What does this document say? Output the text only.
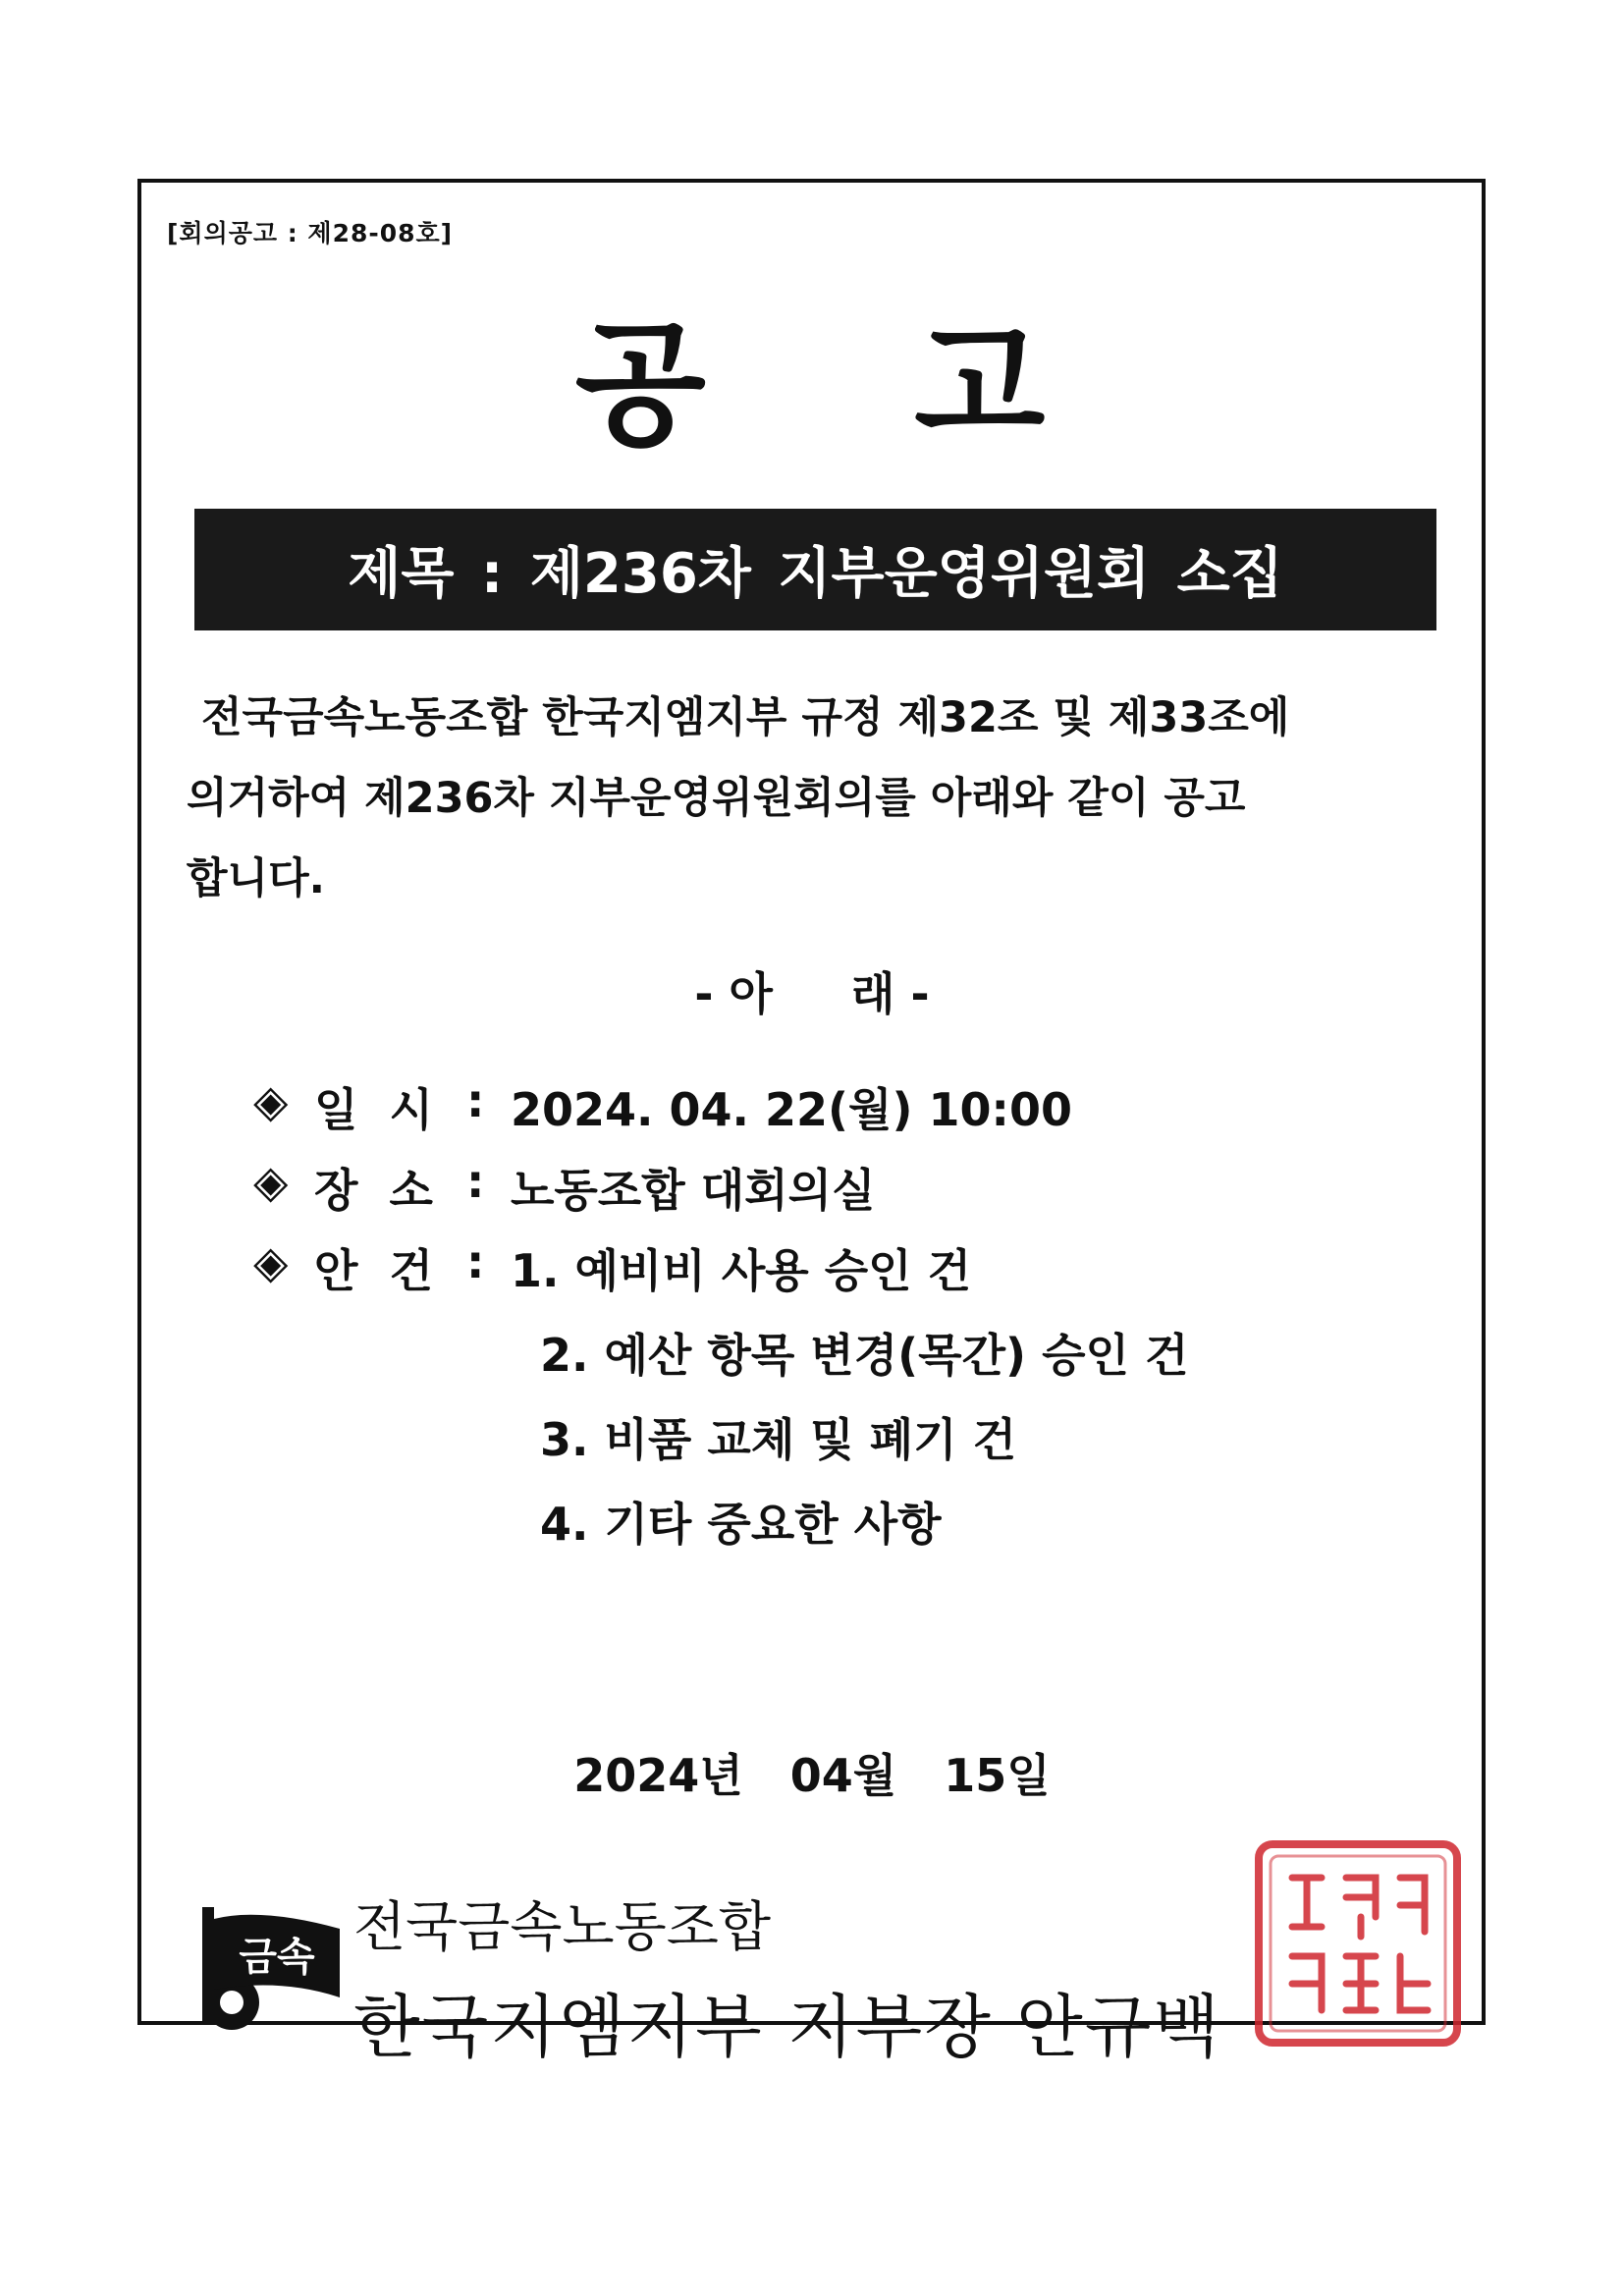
[회의공고 : 제28-08호]
공    고
제목 : 제236차 지부운영위원회 소집
전국금속노동조합 한국지엠지부 규정 제32조 및 제33조에
의거하여 제236차 지부운영위원회의를 아래와 같이 공고
합니다.
- 아     래 -
◈ 일  시 : 2024. 04. 22(월) 10:00
◈ 장  소 : 노동조합 대회의실
◈ 안  건 : 1. 예비비 사용 승인 건
2. 예산 항목 변경(목간) 승인 건
3. 비품 교체 및 폐기 건
4. 기타 중요한 사항
2024년   04월   15일
금속 전국금속노동조합
한국지엠지부 지부장 안규백
